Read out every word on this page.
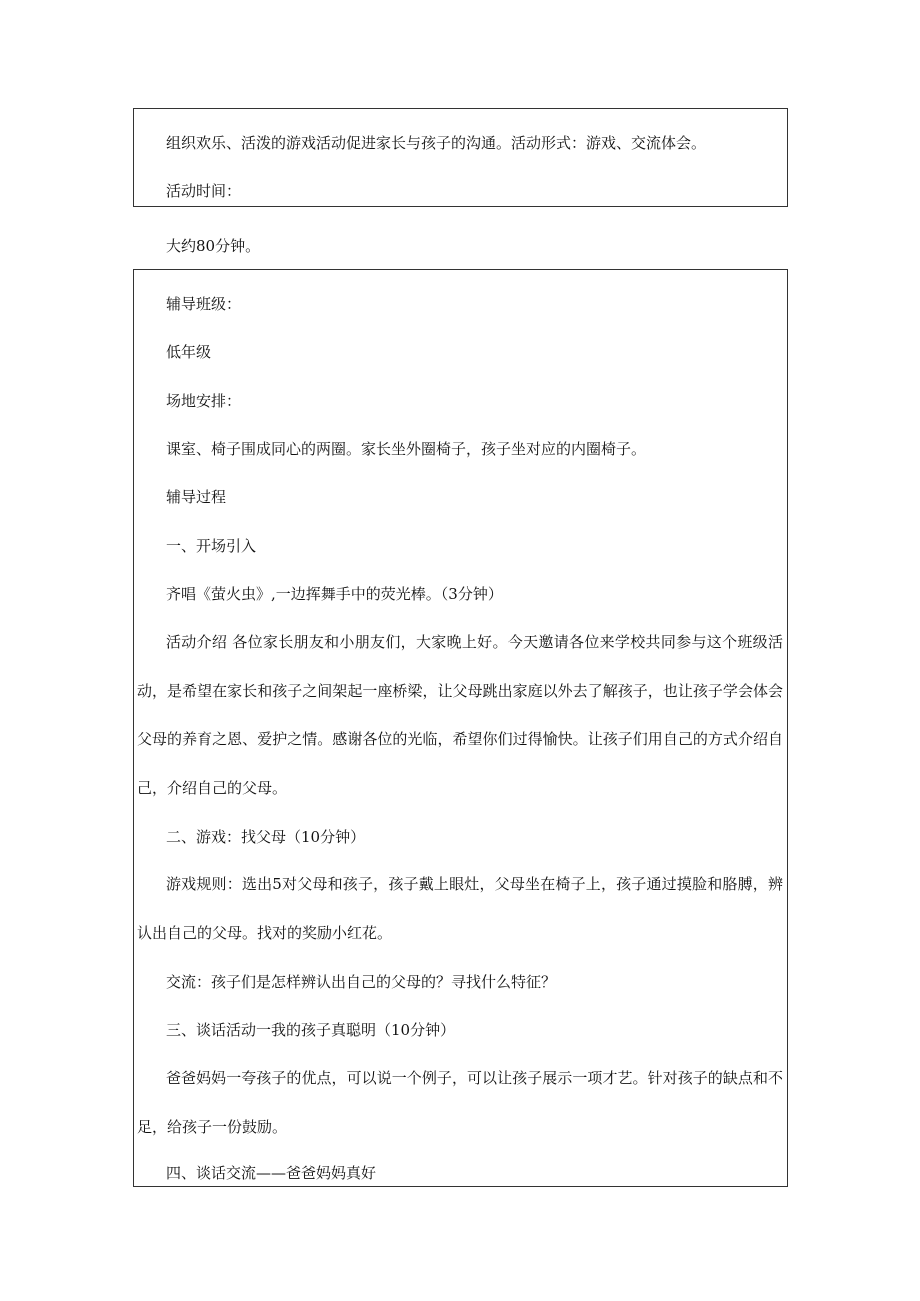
组织欢乐、活泼的游戏活动促进家长与孩子的沟通。活动形式：游戏、交流体会。

活动时间：

大约80分钟。

辅导班级：

低年级

场地安排：

课室、椅子围成同心的两圈。家长坐外圈椅子，孩子坐对应的内圈椅子。

辅导过程

一、开场引入

齐唱《萤火虫》,一边挥舞手中的荧光棒。（3分钟）

活动介绍 各位家长朋友和小朋友们，大家晚上好。今天邀请各位来学校共同参与这个班级活动，是希望在家长和孩子之间架起一座桥梁，让父母跳出家庭以外去了解孩子，也让孩子学会体会父母的养育之恩、爱护之情。感谢各位的光临，希望你们过得愉快。让孩子们用自己的方式介绍自己，介绍自己的父母。

二、游戏：找父母（10分钟）

游戏规则：选出5对父母和孩子，孩子戴上眼灶，父母坐在椅子上，孩子通过摸脸和胳膊，辨认出自己的父母。找对的奖励小红花。

交流：孩子们是怎样辨认出自己的父母的？寻找什么特征？

三、谈话活动一我的孩子真聪明（10分钟）

爸爸妈妈一夸孩子的优点，可以说一个例子，可以让孩子展示一项才艺。针对孩子的缺点和不足，给孩子一份鼓励。

四、谈话交流——爸爸妈妈真好
